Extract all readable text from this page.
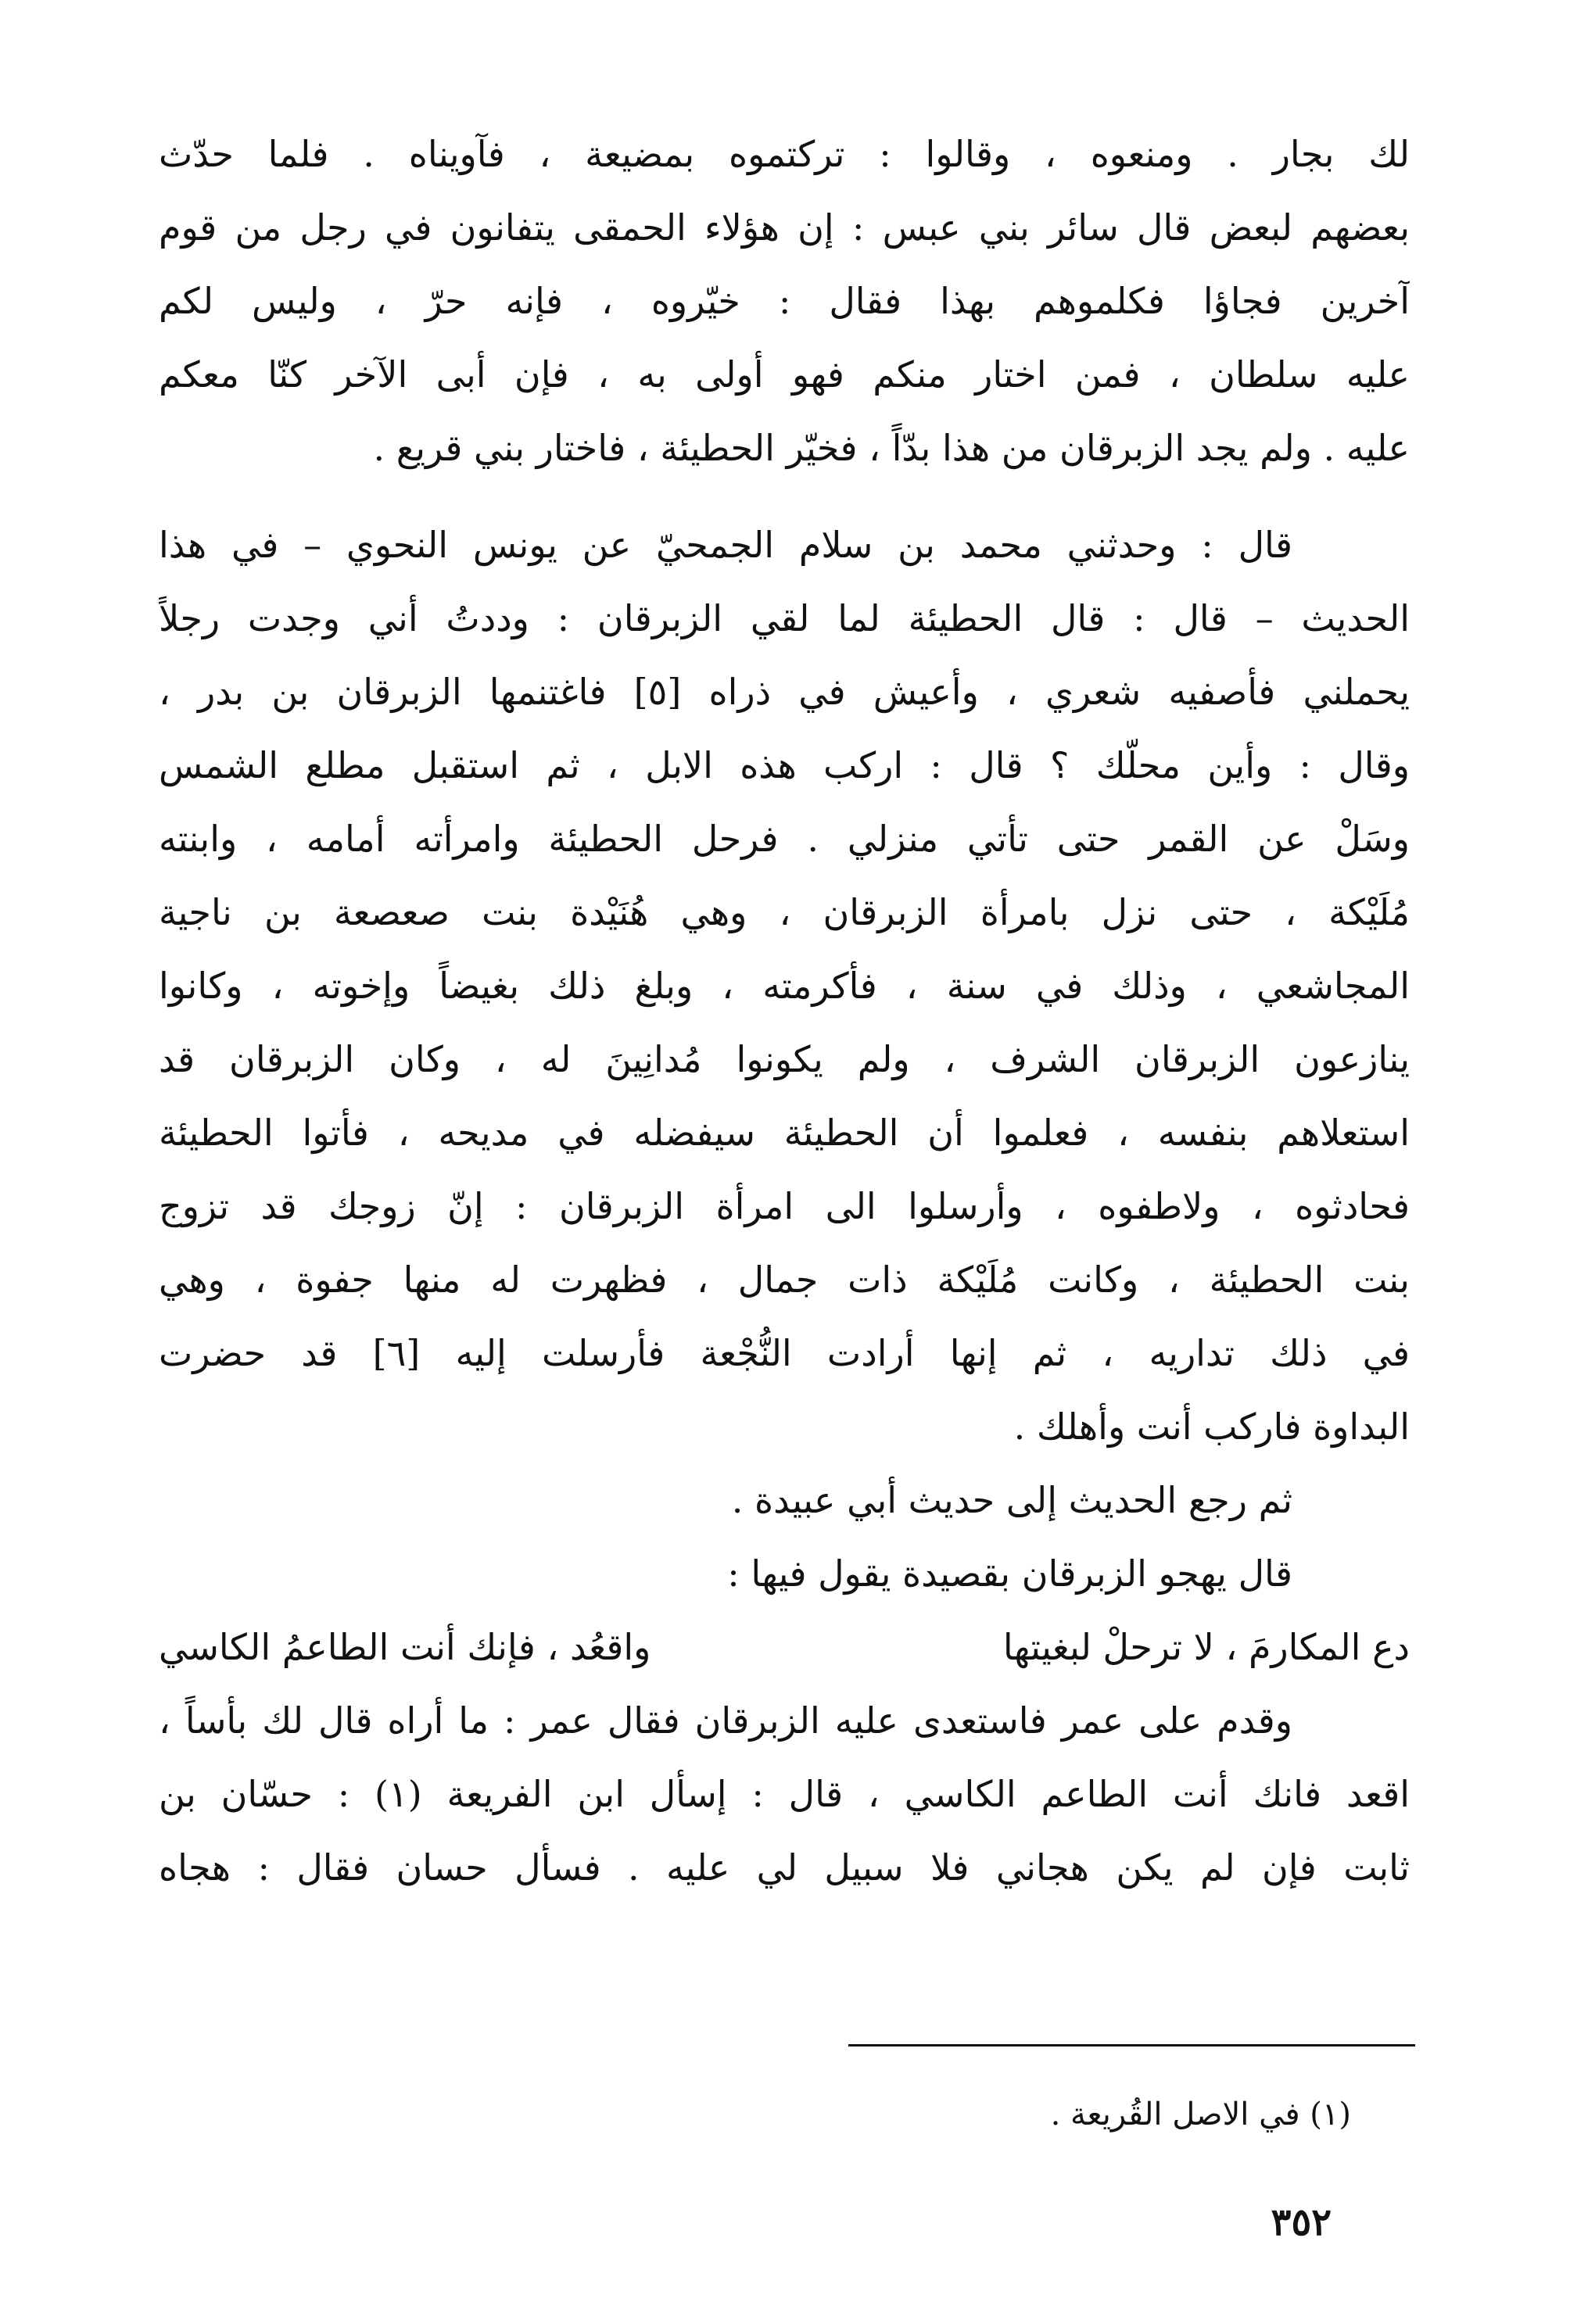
لك بجار . ومنعوه ، وقالوا : تركتموه بمضيعة ، فآويناه . فلما حدّث
بعضهم لبعض قال سائر بني عبس : إن هؤلاء الحمقى يتفانون في رجل من قوم
آخرين فجاؤا فكلموهم بهذا فقال : خيّروه ، فإنه حرّ ، وليس لكم
عليه سلطان ، فمن اختار منكم فهو أولى به ، فإن أبى الآخر كنّا معكم
عليه . ولم يجد الزبرقان من هذا بدّاً ، فخيّر الحطيئة ، فاختار بني قريع .
قال : وحدثني محمد بن سلام الجمحيّ عن يونس النحوي – في هذا
الحديث – قال : قال الحطيئة لما لقي الزبرقان : وددتُ أني وجدت رجلاً
يحملني فأصفيه شعري ، وأعيش في ذراه [٥] فاغتنمها الزبرقان بن بدر ،
وقال : وأين محلّك ؟ قال : اركب هذه الابل ، ثم استقبل مطلع الشمس
وسَلْ عن القمر حتى تأتي منزلي . فرحل الحطيئة وامرأته أمامه ، وابنته
مُلَيْكة ، حتى نزل بامرأة الزبرقان ، وهي هُنَيْدة بنت صعصعة بن ناجية
المجاشعي ، وذلك في سنة ، فأكرمته ، وبلغ ذلك بغيضاً وإخوته ، وكانوا
ينازعون الزبرقان الشرف ، ولم يكونوا مُدانِينَ له ، وكان الزبرقان قد
استعلاهم بنفسه ، فعلموا أن الحطيئة سيفضله في مديحه ، فأتوا الحطيئة
فحادثوه ، ولاطفوه ، وأرسلوا الى امرأة الزبرقان : إنّ زوجك قد تزوج
بنت الحطيئة ، وكانت مُلَيْكة ذات جمال ، فظهرت له منها جفوة ، وهي
في ذلك تداريه ، ثم إنها أرادت النُّجْعة فأرسلت إليه [٦] قد حضرت
البداوة فاركب أنت وأهلك .
ثم رجع الحديث إلى حديث أبي عبيدة .
قال يهجو الزبرقان بقصيدة يقول فيها :
دع المكارمَ ، لا ترحلْ لبغيتها
واقعُد ، فإنك أنت الطاعمُ الكاسي
وقدم على عمر فاستعدى عليه الزبرقان فقال عمر : ما أراه قال لك بأساً ،
اقعد فانك أنت الطاعم الكاسي ، قال : إسأل ابن الفريعة (١) : حسّان بن
ثابت فإن لم يكن هجاني فلا سبيل لي عليه . فسأل حسان فقال : هجاه
(١) في الاصل القُريعة .
٣٥٢
